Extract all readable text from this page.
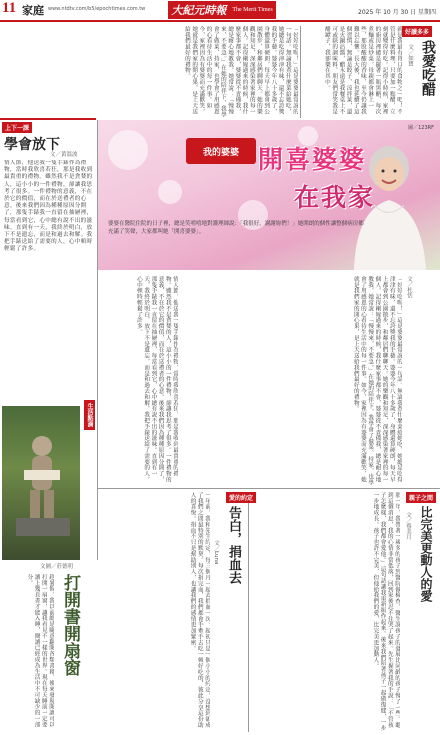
11 家庭 www.ntdtv.com/b5/epochtimes.com.tw 大紀元時報 The Merit Times	2025 年 10 月 30 日 星期四
好讀多多
我愛吃醋
文／如寶
就是我最有胃口的食物之一吧！不管是什麼料理，只要加一點醋，立刻就變得好吃。記得小時候，家裡的廚房裡總是擺著一瓶黑醋，每次煮麵或是炒菜，母親都會淋上一些，那股酸酸的香味，至今仍讓我難以忘懷。長大後，我也延續了這個習慣，無論是餃子、涼拌菜，還是火鍋沾醬，醋永遠是我餐桌上不可或缺的調味料。朋友們常笑我是醋罈子，我卻樂在其中。
「好好吃喔！」這是婆婆最常說的一句話。無論我煮什麼菜給她吃，她總是吃得津津有味，還不忘誇獎我的手藝。婆婆今年八十多歲了，身體還算硬朗，每天早上都會到公園散步，和鄰居們聊聊天。她的樂觀和知足，深深感染著家裡的每一個人。記得剛嫁過來的時候，我什麼家事都不會，婆婆從不責備我，總是耐心地教我。她常說：「慢慢來，不要急。」在她的陪伴下，我學會了做菜、持家，也學會了用感恩的心看待生活中的每一件事。如今，家裡因為有婆婆而充滿歡笑，她就是我們家的開心果，是上天送給我們最好的禮物。
上下一課
學會放下
文／黃溫波
情人節，他送我一隻手錶作為禮物，當時我欣喜若狂，那是我收到最貴重的禮物。雖然我不是貪婪的人，這小小的一件禮物，卻讓我思考了很多。一件禮物的意義，不在於它的價值，而在於送禮者的心意。後來我們因為種種原因分開了，那隻手錶我一直留在抽屜裡，每當看到它，心中總有說不出的滋味。直到有一天，我終於明白，放下不是遺忘，而是和過去和解。我把手錶送給了需要的人，心中頓時輕鬆了許多。
我的婆婆 開喜婆婆
在我家
圖／123RF
婆婆在醫院住院的日子裡，總是笑嘻嘻地對護理師說：「我很好，謝謝妳們！」她開朗的個性讓整個病房都充滿了笑聲，大家都叫她「開喜婆婆」。
文／杜恬
「好好吃喔！」這是婆婆最常說的一句話。無論我煮什麼菜給她吃，她總是吃得津津有味，還不忘誇獎我的手藝。婆婆今年八十多歲了，身體還算硬朗，每天早上都會到公園散步，和鄰居們聊聊天。她的樂觀和知足，深深感染著家裡的每一個人。記得剛嫁過來的時候，我什麼家事都不會，婆婆從不責備我，總是耐心地教我。她常說：「慢慢來，不要急。」在她的陪伴下，我學會了做菜、持家，也學會了用感恩的心看待生活中的每一件事。如今，家裡因為有婆婆而充滿歡笑，她就是我們家的開心果，是上天送給我們最好的禮物。
情人節，他送我一隻手錶作為禮物，當時我欣喜若狂，那是我收到最貴重的禮物。雖然我不是貪婪的人，這小小的一件禮物，卻讓我思考了很多。一件禮物的意義，不在於它的價值，而在於送禮者的心意。後來我們因為種種原因分開了，那隻手錶我一直留在抽屜裡，每當看到它，心中總有說不出的滋味。直到有一天，我終於明白，放下不是遺忘，而是和過去和解。我把手錶送給了需要的人，心中頓時輕鬆了許多。
親子之間
比完美更動人的愛
文／蔡美月
那一年，我帶著一歲多的孩子到醫院做檢查，醫生說孩子的發展比同齡的孩子慢了一些。聽到這個消息，我的心情非常低落，回到家後忍不住哭了起來。先生握著我的手說：「不管孩子怎麼樣，我們都會愛他。」這句話讓我重新振作起來。後來我們陪著孩子一起做復健，一步一步地成長。孩子也許不完美，但他給我們的愛，比完美更加動人。
愛的約定
告白，捐血去
文／Luna
一年前，我和先生約定，每三個月一起去捐血一次。起初只是一個小小的約定，沒想到卻成了我們之間最特別的默契。每次捐完血，我們都會手牽手去吃一頓好吃的，彼此分享這份助人的喜悅。捐血不只是幫助別人，也讓我們的感情更加緊密。
生活點滴
文圖／莊德明
打開書開扇窗
趁暑假，我以前總是隨意翻閱各類書籍，後來發現閱讀可以打開一扇窗，讓我看見不一樣的世界。現在每天睡前一定要讀上幾頁書才能入睡，閱讀已經成為生活中不可缺少的一部分。
